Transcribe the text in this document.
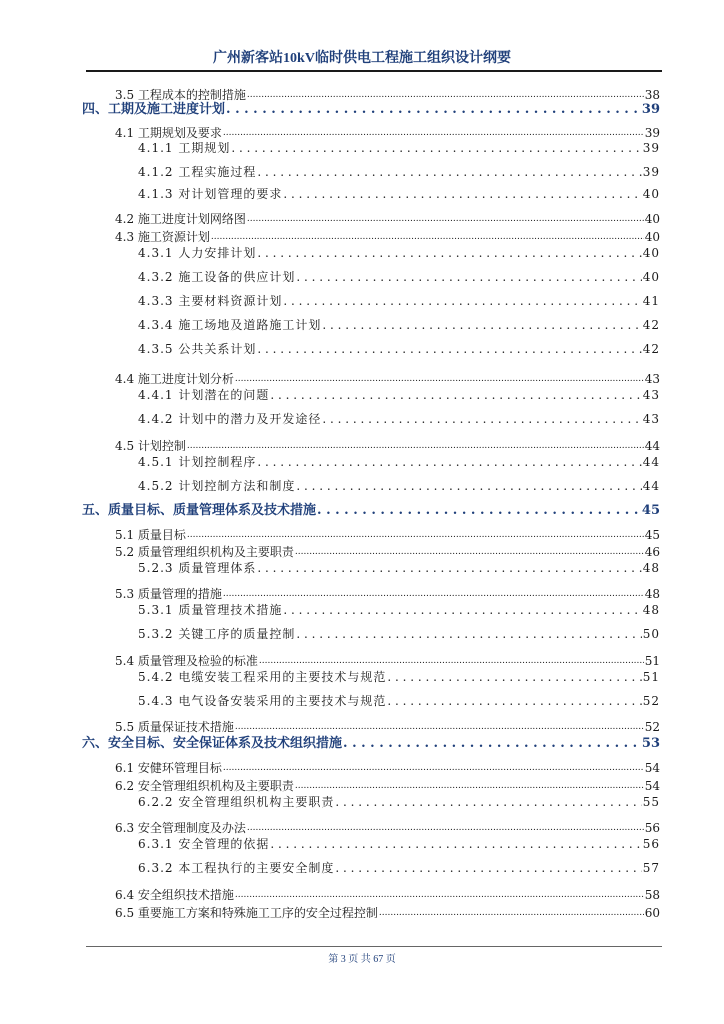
广州新客站10kV临时供电工程施工组织设计纲要
3.5 工程成本的控制措施 .....	38
四、工期及施工进度计划 . . .	39
4.1 工期规划及要求 .....	39
4.1.1 工期规划 . . .	39
4.1.2 工程实施过程 . . .	39
4.1.3 对计划管理的要求 . . .	40
4.2 施工进度计划网络图 .....	40
4.3 施工资源计划 .....	40
4.3.1 人力安排计划 . . .	40
4.3.2 施工设备的供应计划 . . .	40
4.3.3 主要材料资源计划 . . .	41
4.3.4 施工场地及道路施工计划 . . .	42
4.3.5 公共关系计划 . . .	42
4.4 施工进度计划分析 .....	43
4.4.1 计划潜在的问题 . . .	43
4.4.2 计划中的潜力及开发途径 . . .	43
4.5 计划控制 .....	44
4.5.1 计划控制程序 . . .	44
4.5.2 计划控制方法和制度 . . .	44
五、质量目标、质量管理体系及技术措施 . . .	45
5.1 质量目标 .....	45
5.2 质量管理组织机构及主要职责 .....	46
5.2.3 质量管理体系 . . .	48
5.3 质量管理的措施 .....	48
5.3.1 质量管理技术措施 . . .	48
5.3.2 关键工序的质量控制 . . .	50
5.4 质量管理及检验的标准 .....	51
5.4.2 电缆安装工程采用的主要技术与规范 . . .	51
5.4.3 电气设备安装采用的主要技术与规范 . . .	52
5.5 质量保证技术措施 .....	52
六、安全目标、安全保证体系及技术组织措施 . . .	53
6.1 安健环管理目标 .....	54
6.2 安全管理组织机构及主要职责 .....	54
6.2.2 安全管理组织机构主要职责 . . .	55
6.3 安全管理制度及办法 .....	56
6.3.1 安全管理的依据 . . .	56
6.3.2 本工程执行的主要安全制度 . . .	57
6.4 安全组织技术措施 .....	58
6.5 重要施工方案和特殊施工工序的安全过程控制 .....	60
第 3 页 共 67 页
